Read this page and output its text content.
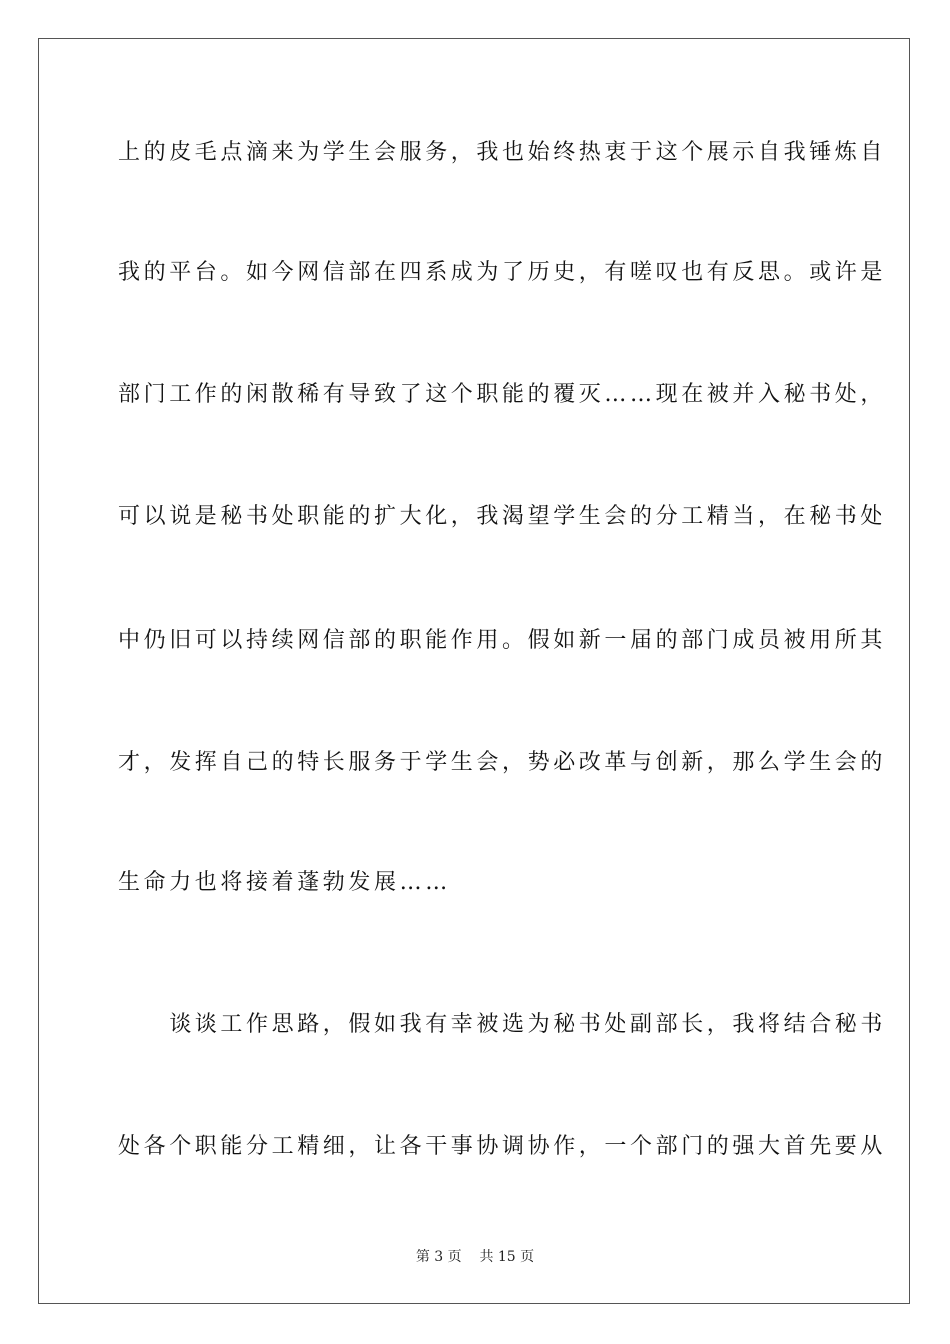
上的皮毛点滴来为学生会服务，我也始终热衷于这个展示自我锤炼自
我的平台。如今网信部在四系成为了历史，有嗟叹也有反思。或许是
部门工作的闲散稀有导致了这个职能的覆灭……现在被并入秘书处，
可以说是秘书处职能的扩大化，我渴望学生会的分工精当，在秘书处
中仍旧可以持续网信部的职能作用。假如新一届的部门成员被用所其
才，发挥自己的特长服务于学生会，势必改革与创新，那么学生会的
生命力也将接着蓬勃发展……
　　谈谈工作思路，假如我有幸被选为秘书处副部长，我将结合秘书
处各个职能分工精细，让各干事协调协作，一个部门的强大首先要从
第 3 页 共 15 页
